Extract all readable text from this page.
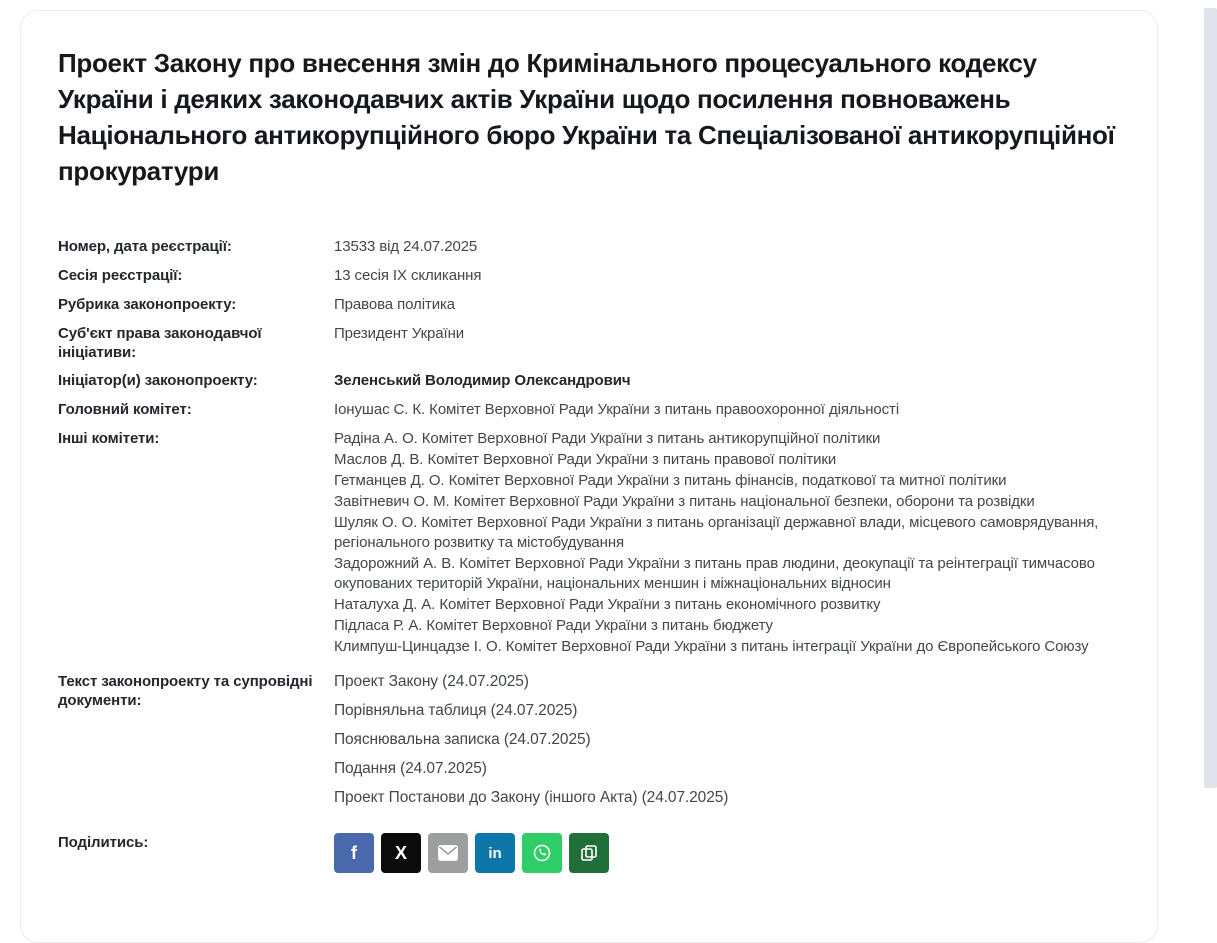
Проект Закону про внесення змін до Кримінального процесуального кодексу України і деяких законодавчих актів України щодо посилення повноважень Національного антикорупційного бюро України та Спеціалізованої антикорупційної прокуратури
Номер, дата реєстрації:	13533 від 24.07.2025
Сесія реєстрації:	13 сесія IX скликання
Рубрика законопроекту:	Правова політика
Суб'єкт права законодавчої ініціативи:
Президент України
Ініціатор(и) законопроекту:	Зеленський Володимир Олександрович
Головний комітет:	Іонушас С. К. Комітет Верховної Ради України з питань правоохоронної діяльності
Інші комітети:	Радіна А. О. Комітет Верховної Ради України з питань антикорупційної політики
Маслов Д. В. Комітет Верховної Ради України з питань правової політики
Гетманцев Д. О. Комітет Верховної Ради України з питань фінансів, податкової та митної політики
Завітневич О. М. Комітет Верховної Ради України з питань національної безпеки, оборони та розвідки
Шуляк О. О. Комітет Верховної Ради України з питань організації державної влади, місцевого самоврядування, регіонального розвитку та містобудування
Задорожний А. В. Комітет Верховної Ради України з питань прав людини, деокупації та реінтеграції тимчасово окупованих територій України, національних меншин і міжнаціональних відносин
Наталуха Д. А. Комітет Верховної Ради України з питань економічного розвитку
Підласа Р. А. Комітет Верховної Ради України з питань бюджету
Климпуш-Цинцадзе І. О. Комітет Верховної Ради України з питань інтеграції України до Європейського Союзу
Текст законопроекту та супровідні документи:
Проект Закону (24.07.2025)
Порівняльна таблиця (24.07.2025)
Пояснювальна записка (24.07.2025)
Подання (24.07.2025)
Проект Постанови до Закону (іншого Акта) (24.07.2025)
Поділитись:
f X	in
